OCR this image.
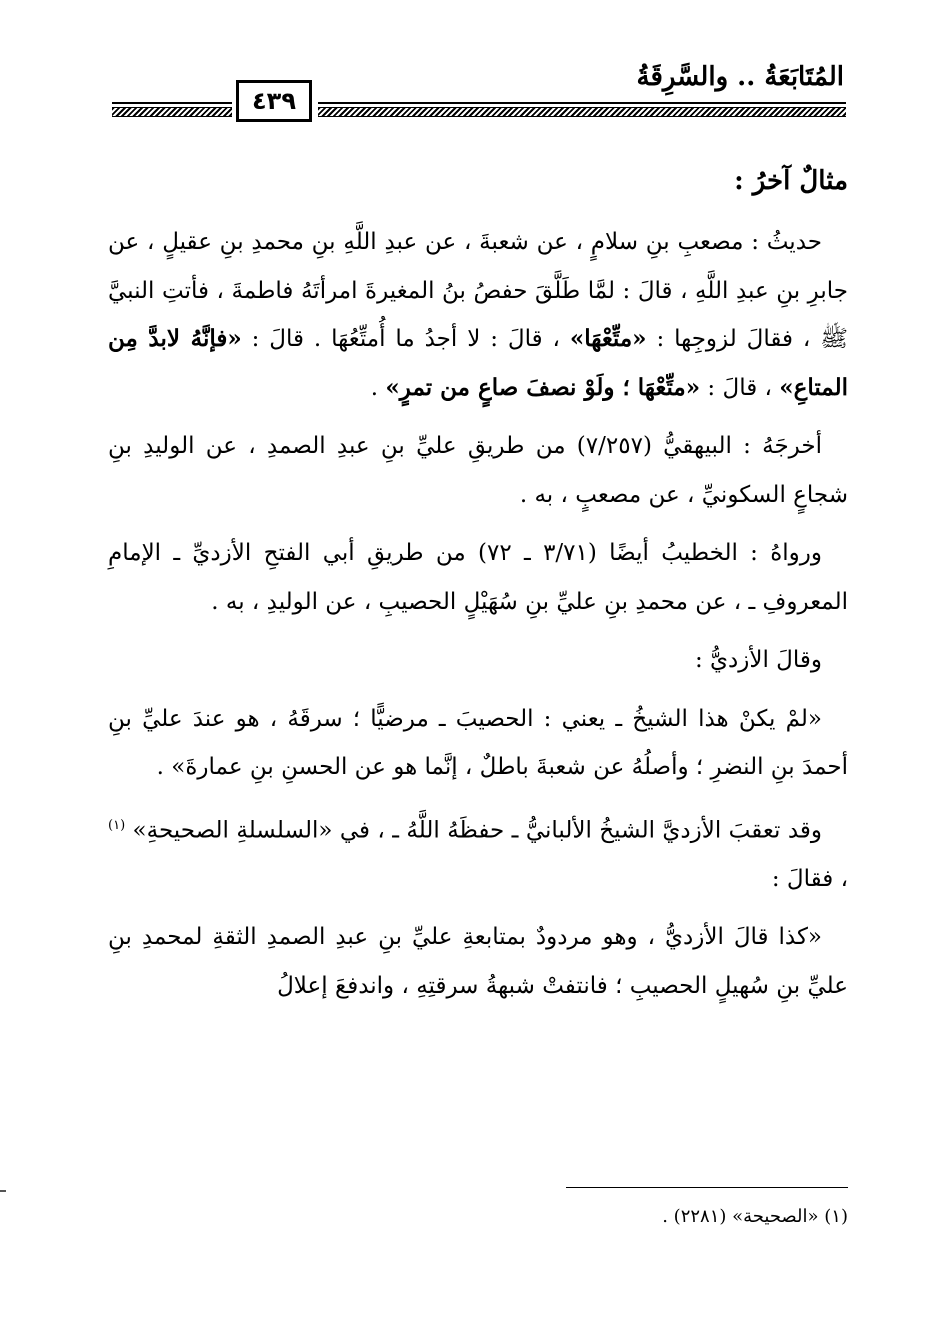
المُتَابَعَةُ .. والسَّرِقَةُ
٤٣٩
مثالٌ آخرُ :

حديثُ : مصعبِ بنِ سلامٍ ، عن شعبةَ ، عن عبدِ اللَّهِ بنِ محمدِ بنِ عقيلٍ ، عن جابرِ بنِ عبدِ اللَّهِ ، قالَ : لمَّا طَلَّقَ حفصُ بنُ المغيرةَ امرأتَهُ فاطمةَ ، فأتتِ النبيَّ ﷺ ، فقالَ لزوجِها : «متِّعْهَا» ، قالَ : لا أجدُ ما أُمتِّعُهَا . قالَ : «فإنَّهُ لابدَّ مِن المتاعِ» ، قالَ : «متِّعْهَا ؛ ولَوْ نصفَ صاعٍ من تمرٍ» .

أخرجَهُ : البيهقيُّ (٧/٢٥٧) من طريقِ عليِّ بنِ عبدِ الصمدِ ، عن الوليدِ بنِ شجاعٍ السكونيِّ ، عن مصعبٍ ، به .

ورواهُ : الخطيبُ أيضًا (٣/٧١ ـ ٧٢) من طريقِ أبي الفتحِ الأزديِّ ـ الإمامِ المعروفِ ـ ، عن محمدِ بنِ عليِّ بنِ سُهَيْلٍ الحصيبِ ، عن الوليدِ ، به .

وقالَ الأزديُّ :

«لمْ يكنْ هذا الشيخُ ـ يعني : الحصيبَ ـ مرضيًّا ؛ سرقَهُ ، هو عندَ عليِّ بنِ أحمدَ بنِ النضرِ ؛ وأصلُهُ عن شعبةَ باطلٌ ، إنَّما هو عن الحسنِ بنِ عمارةَ» .

وقد تعقبَ الأزديَّ الشيخُ الألبانيُّ ـ حفظَهُ اللَّهُ ـ ، في «السلسلةِ الصحيحةِ» $^{(١)}$ ، فقالَ :

«كذا قالَ الأزديُّ ، وهو مردودٌ بمتابعةِ عليِّ بنِ عبدِ الصمدِ الثقةِ لمحمدِ بنِ عليِّ بنِ سُهيلٍ الحصيبِ ؛ فانتفتْ شبهةُ سرقتِهِ ، واندفعَ إعلالُ

(١) «الصحيحة» (٢٢٨١) .
